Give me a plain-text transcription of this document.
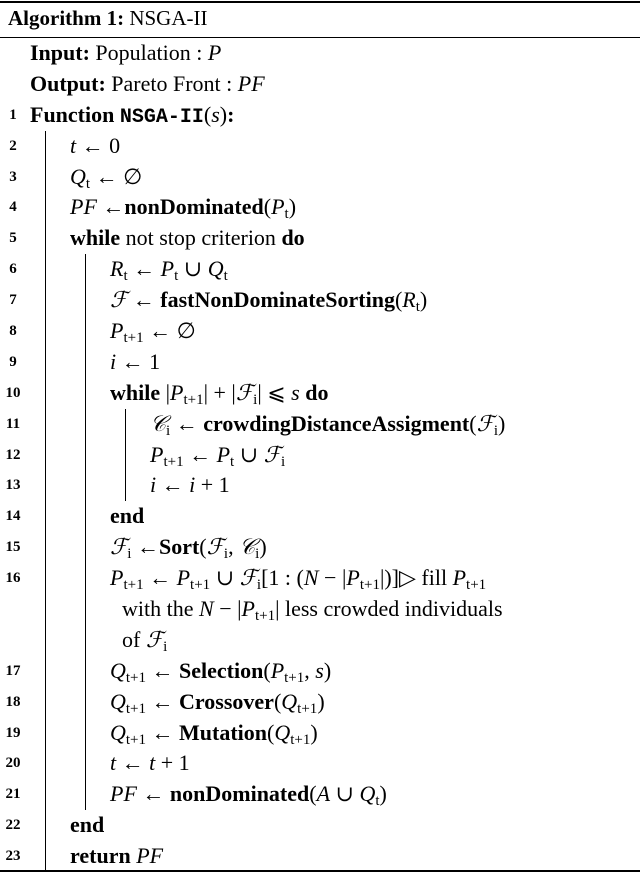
Algorithm 1: NSGA-II
Input: Population : P
Output: Pareto Front : PF
1 Function NSGA-II(s):
2 t ← 0
3 $Q_t$ ← ∅
4 PF $\leftarrow nonDominated(P_t)$
5 while not stop criterion do
6	$R_t$ ← $P_t$ ∪ $Q_t$
7	ℱ ← $fastNonDominateSorting(R_t)$
8	$P_{t+1}$ ← ∅
9	i ← 1
10	while $|P_{t+1}|$ + |ℱ$_i$| ⩽ s do
11	𝒞$_i$ ← crowdingDistanceAssigment(ℱ$_i$)
12	$P_{t+1}$ ← $P_t$ ∪ ℱ$_i$
13	i ← i + 1
14	end
15	ℱ$_i$ ←Sort(ℱ$_i$, 𝒞$_i$)
16	$P_{t+1}$ ← $P_{t+1}$ ∪ ℱ$_i$[1 : $(N - |P_{t+1}|)]▷$ fill $P_{t+1}$
with the $N - |P_{t+1}|$ less crowded individuals
of ℱ$_i$
17	$Q_{t+1}$ ← $Selection(P_{t+1}$, s)
18	$Q_{t+1}$ ← $Crossover(Q_{t+1})$
19	$Q_{t+1}$ ← $Mutation(Q_{t+1})$
20	t ← t + 1
21	PF ← nonDominated(A ∪ $Q_t$)
22 end
23 return PF
